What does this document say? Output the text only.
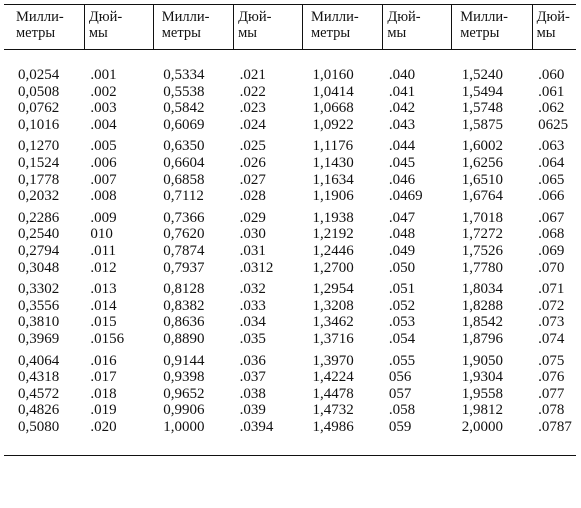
Милли-
метры	Дюй-
мы	Милли-
метры	Дюй-
мы	Милли-
метры	Дюй-
мы	Милли-
метры	Дюй-
мы
0,0254	.001	0,5334	.021	1,0160	.040	1,5240	.060
0,0508	.002	0,5538	.022	1,0414	.041	1,5494	.061
0,0762	.003	0,5842	.023	1,0668	.042	1,5748	.062
0,1016	.004	0,6069	.024	1,0922	.043	1,5875	0625
0,1270	.005	0,6350	.025	1,1176	.044	1,6002	.063
0,1524	.006	0,6604	.026	1,1430	.045	1,6256	.064
0,1778	.007	0,6858	.027	1,1634	.046	1,6510	.065
0,2032	.008	0,7112	.028	1,1906	.0469	1,6764	.066
0,2286	.009	0,7366	.029	1,1938	.047	1,7018	.067
0,2540	010	0,7620	.030	1,2192	.048	1,7272	.068
0,2794	.011	0,7874	.031	1,2446	.049	1,7526	.069
0,3048	.012	0,7937	.0312	1,2700	.050	1,7780	.070
0,3302	.013	0,8128	.032	1,2954	.051	1,8034	.071
0,3556	.014	0,8382	.033	1,3208	.052	1,8288	.072
0,3810	.015	0,8636	.034	1,3462	.053	1,8542	.073
0,3969	.0156	0,8890	.035	1,3716	.054	1,8796	.074
0,4064	.016	0,9144	.036	1,3970	.055	1,9050	.075
0,4318	.017	0,9398	.037	1,4224	056	1,9304	.076
0,4572	.018	0,9652	.038	1,4478	057	1,9558	.077
0,4826	.019	0,9906	.039	1,4732	.058	1,9812	.078
0,5080	.020	1,0000	.0394	1,4986	059	2,0000	.0787
